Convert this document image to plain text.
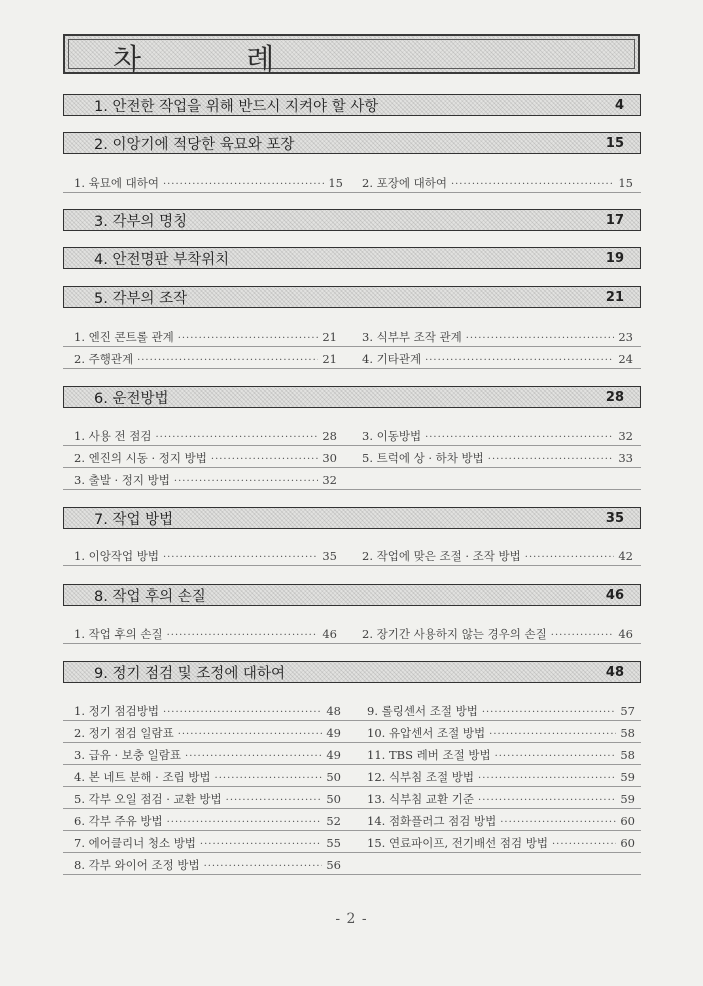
차 례
1. 안전한 작업을 위해 반드시 지켜야 할 사항	4
2. 이앙기에 적당한 육묘와 포장	15
1. 육묘에 대하여 ·····	15 2. 포장에 대하여 ·····	15
3. 각부의 명칭	17
4. 안전명판 부착위치	19
5. 각부의 조작	21
1. 엔진 콘트롤 관계 ·····	21 3. 식부부 조작 관계 ·····	23
2. 주행관계 ·····	21 4. 기타관계 ·····	24
6. 운전방법	28
1. 사용 전 점검 ·····	28 3. 이동방법 ·····	32
2. 엔진의 시동 · 정지 방법 ·····	30 5. 트럭에 상 · 하차 방법 ·····	33
3. 출발 · 정지 방법 ·····	32
7. 작업 방법	35
1. 이앙작업 방법 ·····	35 2. 작업에 맞은 조절 · 조작 방법 ·····	42
8. 작업 후의 손질	46
1. 작업 후의 손질 ·····	46 2. 장기간 사용하지 않는 경우의 손질 ·····	46
9. 정기 점검 및 조정에 대하여	48
1. 정기 점검방법 ·····	48 9. 롤링센서 조절 방법 ·····	57
2. 정기 점검 일람표 ·····	49 10. 유압센서 조절 방법 ·····	58
3. 급유 · 보충 일람표 ·····	49 11. TBS 레버 조절 방법 ·····	58
4. 본 네트 분해 · 조립 방법 ·····	50 12. 식부침 조절 방법 ·····	59
5. 각부 오일 점검 · 교환 방법 ·····	50 13. 식부침 교환 기준 ·····	59
6. 각부 주유 방법 ·····	52 14. 점화플러그 점검 방법 ·····	60
7. 에어클리너 청소 방법 ·····	55 15. 연료파이프, 전기배선 점검 방법 ·····	60
8. 각부 와이어 조정 방법 ·····	56
- 2 -
